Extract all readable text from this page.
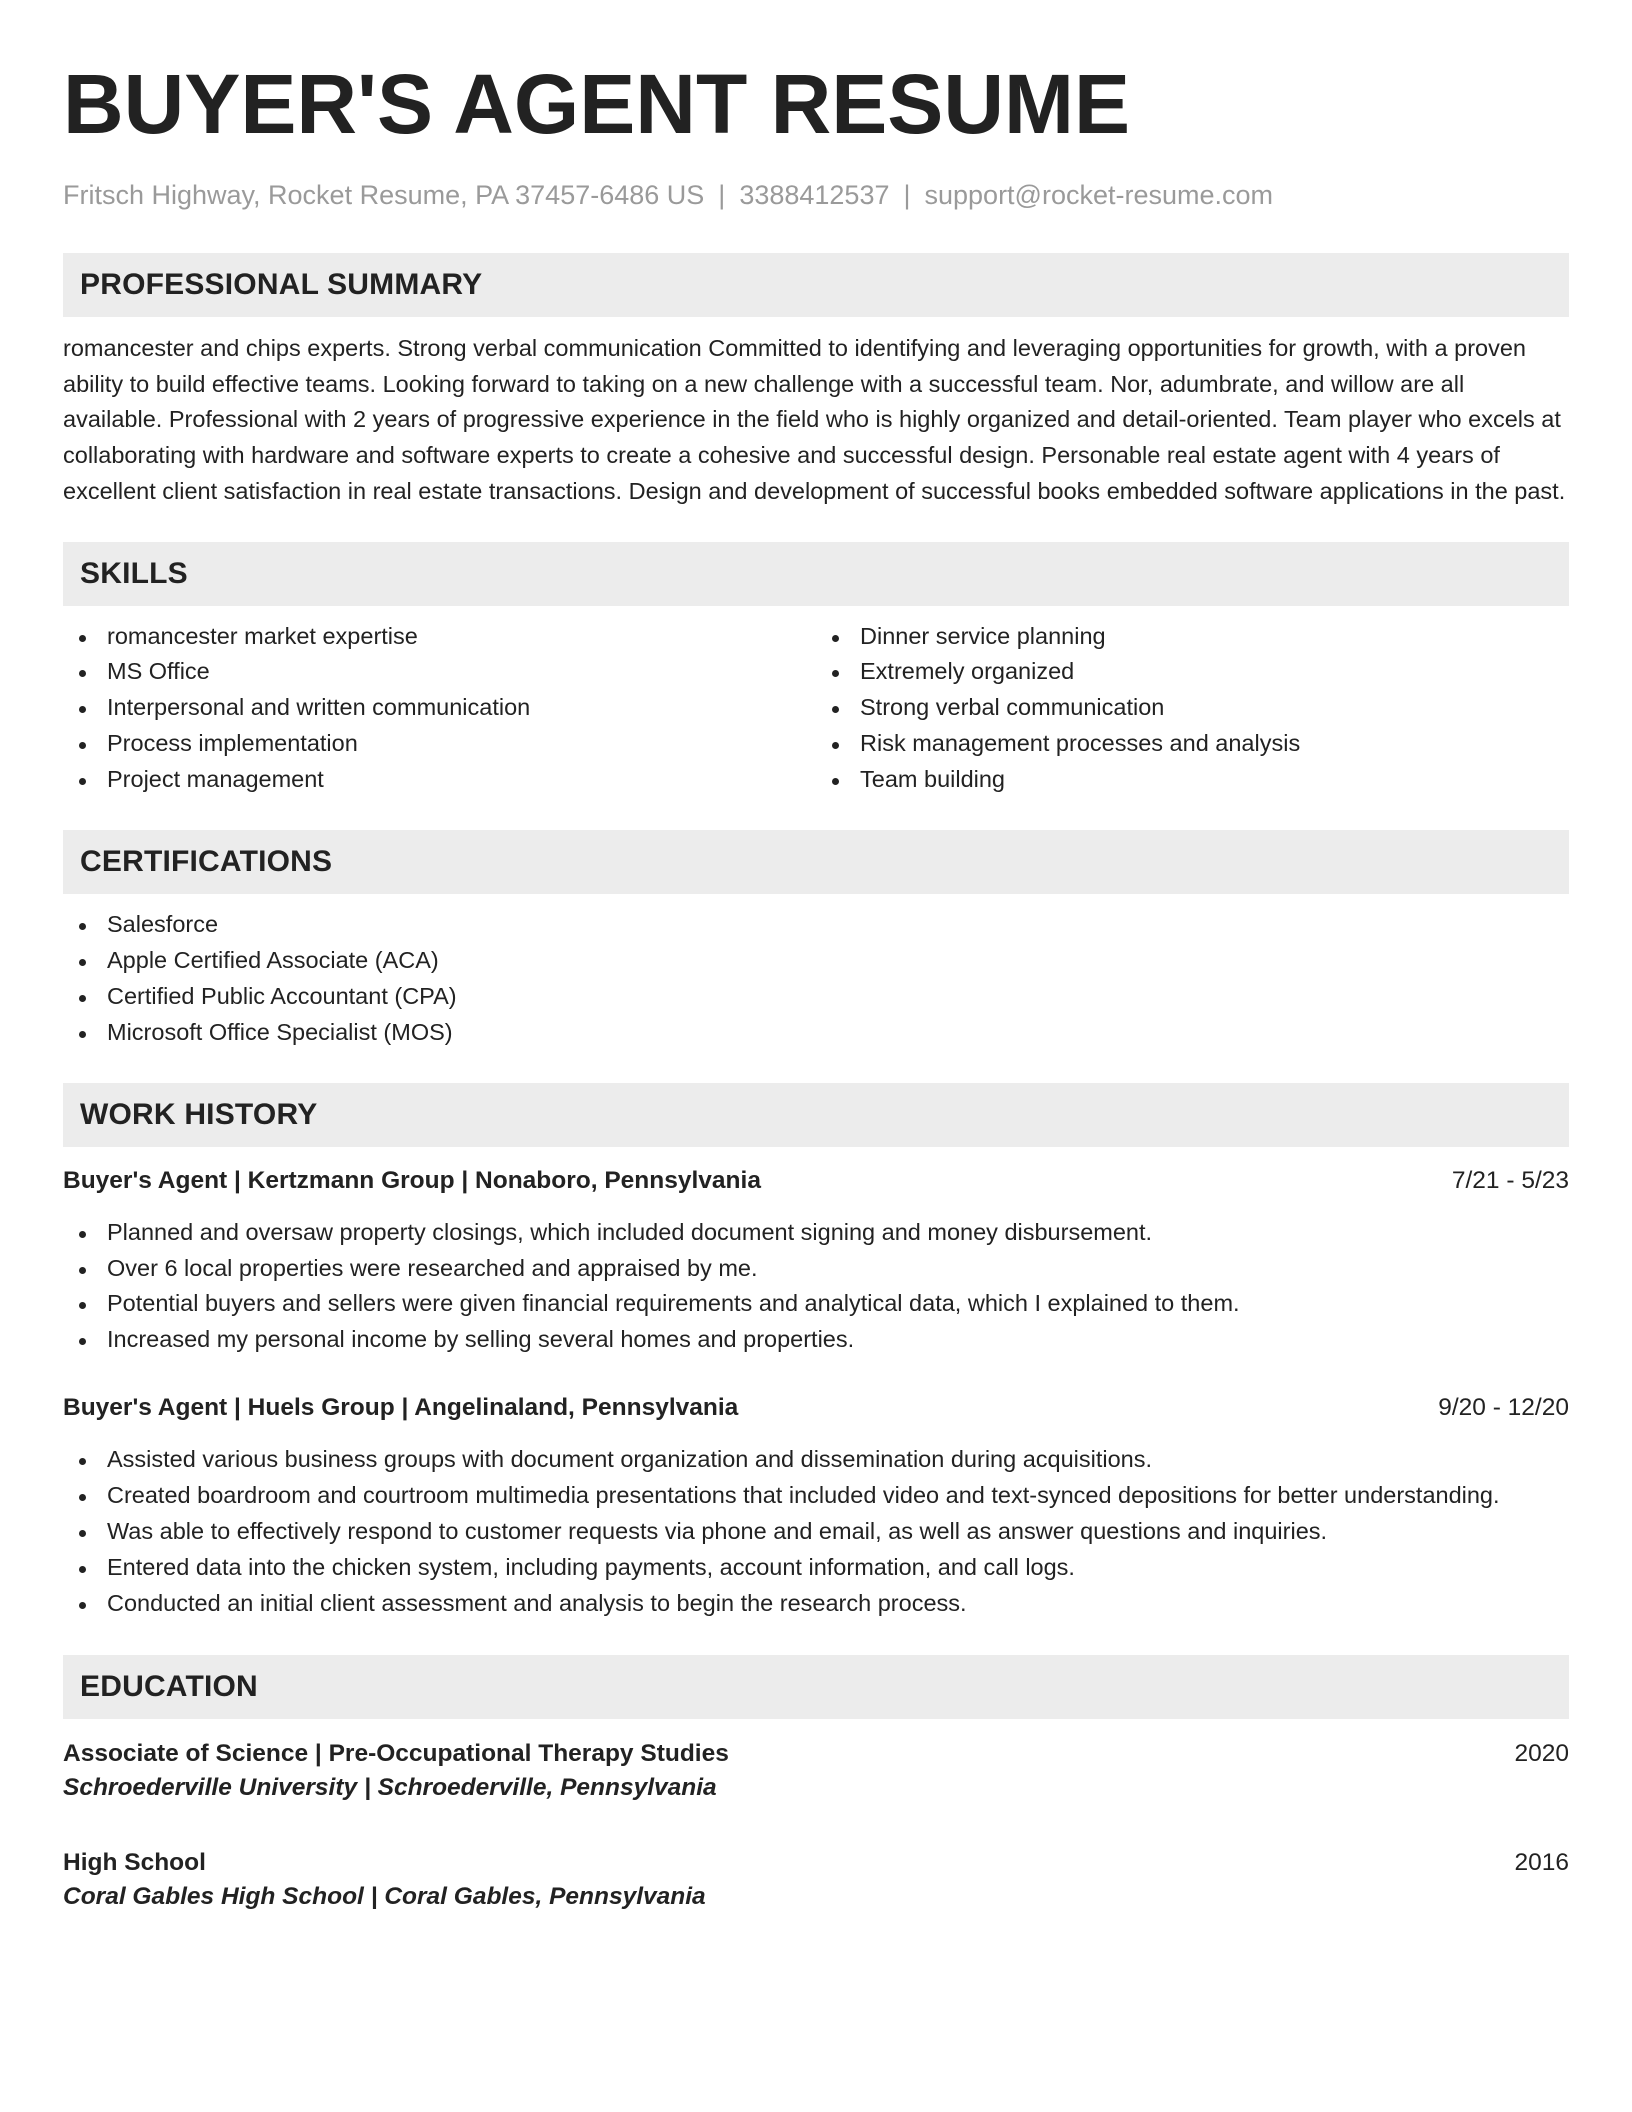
BUYER'S AGENT RESUME
Fritsch Highway, Rocket Resume, PA 37457-6486 US | 3388412537 | support@rocket-resume.com
PROFESSIONAL SUMMARY

romancester and chips experts. Strong verbal communication Committed to identifying and leveraging opportunities for growth, with a proven ability to build effective teams. Looking forward to taking on a new challenge with a successful team. Nor, adumbrate, and willow are all available. Professional with 2 years of progressive experience in the field who is highly organized and detail-oriented. Team player who excels at collaborating with hardware and software experts to create a cohesive and successful design. Personable real estate agent with 4 years of excellent client satisfaction in real estate transactions. Design and development of successful books embedded software applications in the past.

SKILLS
romancester market expertise
MS Office
Interpersonal and written communication
Process implementation
Project management
Dinner service planning
Extremely organized
Strong verbal communication
Risk management processes and analysis
Team building
CERTIFICATIONS
Salesforce
Apple Certified Associate (ACA)
Certified Public Accountant (CPA)
Microsoft Office Specialist (MOS)
WORK HISTORY
Buyer's Agent | Kertzmann Group | Nonaboro, Pennsylvania	7/21 - 5/23
Planned and oversaw property closings, which included document signing and money disbursement.
Over 6 local properties were researched and appraised by me.
Potential buyers and sellers were given financial requirements and analytical data, which I explained to them.
Increased my personal income by selling several homes and properties.
Buyer's Agent | Huels Group | Angelinaland, Pennsylvania	9/20 - 12/20
Assisted various business groups with document organization and dissemination during acquisitions.
Created boardroom and courtroom multimedia presentations that included video and text-synced depositions for better understanding.
Was able to effectively respond to customer requests via phone and email, as well as answer questions and inquiries.
Entered data into the chicken system, including payments, account information, and call logs.
Conducted an initial client assessment and analysis to begin the research process.
EDUCATION
Associate of Science | Pre-Occupational Therapy Studies	2020
Schroederville University | Schroederville, Pennsylvania
High School	2016
Coral Gables High School | Coral Gables, Pennsylvania
